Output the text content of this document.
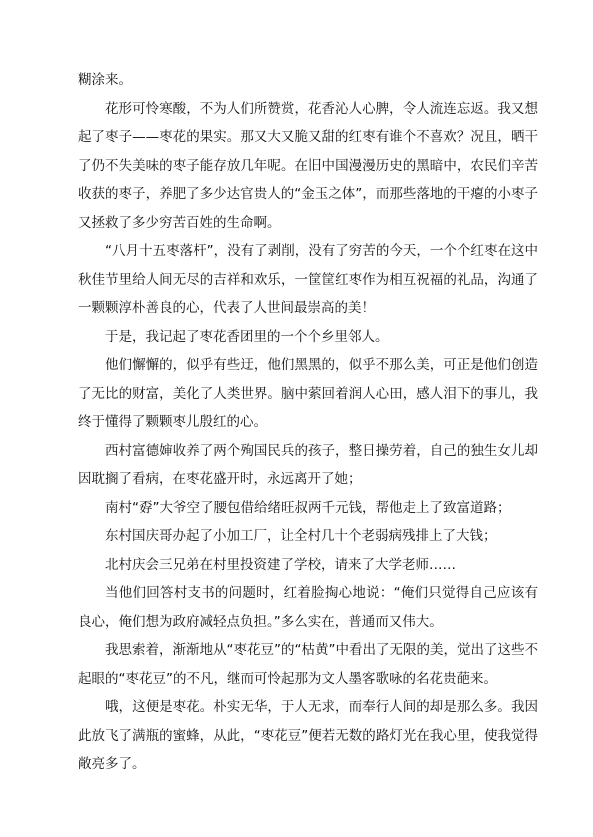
糊涂来。

花形可怜寒酸，不为人们所赞赏，花香沁人心脾，令人流连忘返。我又想起了枣子——枣花的果实。那又大又脆又甜的红枣有谁个不喜欢？况且，晒干了仍不失美味的枣子能存放几年呢。在旧中国漫漫历史的黑暗中，农民们辛苦收获的枣子，养肥了多少达官贵人的“金玉之体”，而那些落地的干瘪的小枣子又拯救了多少穷苦百姓的生命啊。

“八月十五枣落杆”，没有了剥削，没有了穷苦的今天，一个个红枣在这中秋佳节里给人间无尽的吉祥和欢乐，一筐筐红枣作为相互祝福的礼品，沟通了一颗颗淳朴善良的心，代表了人世间最崇高的美！

于是，我记起了枣花香团里的一个个乡里邻人。

他们懈懈的，似乎有些迂，他们黑黑的，似乎不那么美，可正是他们创造了无比的财富，美化了人类世界。脑中萦回着润人心田，感人泪下的事儿，我终于懂得了颗颗枣儿殷红的心。

西村富德婶收养了两个殉国民兵的孩子，整日操劳着，自己的独生女儿却因耽搁了看病，在枣花盛开时，永远离开了她；

南村“孬”大爷空了腰包借给绪旺叔两千元钱，帮他走上了致富道路；

东村国庆哥办起了小加工厂，让全村几十个老弱病残排上了大钱；

北村庆会三兄弟在村里投资建了学校，请来了大学老师……

当他们回答村支书的问题时，红着脸掏心地说：“俺们只觉得自己应该有良心，俺们想为政府减轻点负担。”多么实在，普通而又伟大。

我思索着，渐渐地从“枣花豆”的“枯黄”中看出了无限的美，觉出了这些不起眼的“枣花豆”的不凡，继而可怜起那为文人墨客歌咏的名花贵葩来。

哦，这便是枣花。朴实无华，于人无求，而奉行人间的却是那么多。我因此放飞了满瓶的蜜蜂，从此，“枣花豆”便若无数的路灯光在我心里，使我觉得敞亮多了。
